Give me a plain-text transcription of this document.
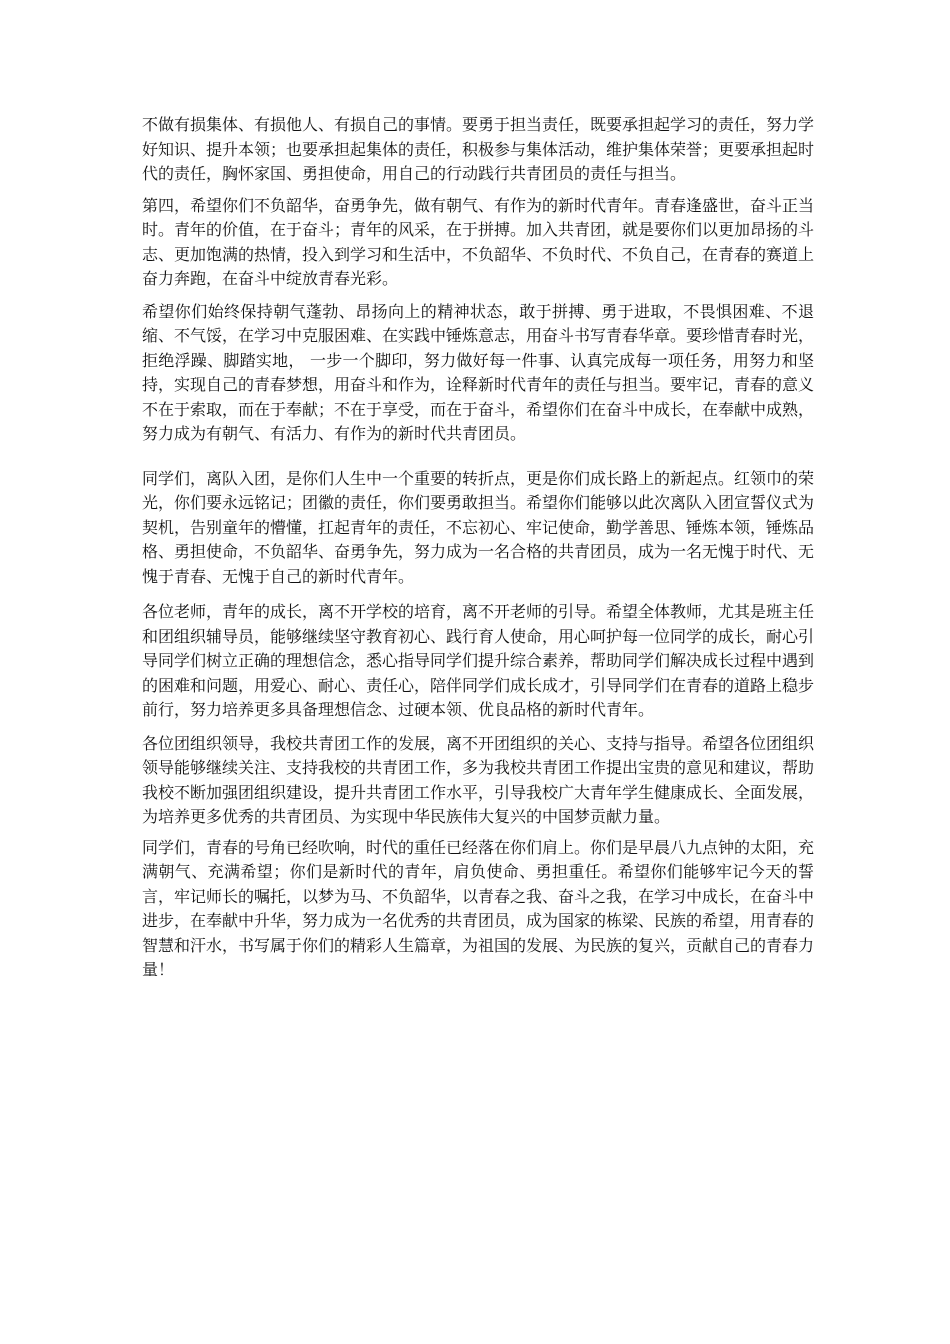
不做有损集体、有损他人、有损自己的事情。要勇于担当责任，既要承担起学习的责任，努力学好知识、提升本领；也要承担起集体的责任，积极参与集体活动，维护集体荣誉；更要承担起时代的责任，胸怀家国、勇担使命，用自己的行动践行共青团员的责任与担当。

第四，希望你们不负韶华，奋勇争先，做有朝气、有作为的新时代青年。青春逢盛世，奋斗正当时。青年的价值，在于奋斗；青年的风采，在于拼搏。加入共青团，就是要你们以更加昂扬的斗志、更加饱满的热情，投入到学习和生活中，不负韶华、不负时代、不负自己，在青春的赛道上奋力奔跑，在奋斗中绽放青春光彩。

希望你们始终保持朝气蓬勃、昂扬向上的精神状态，敢于拼搏、勇于进取，不畏惧困难、不退缩、不气馁，在学习中克服困难、在实践中锤炼意志，用奋斗书写青春华章。要珍惜青春时光，拒绝浮躁、脚踏实地， 一步一个脚印，努力做好每一件事、认真完成每一项任务，用努力和坚持，实现自己的青春梦想，用奋斗和作为，诠释新时代青年的责任与担当。要牢记，青春的意义不在于索取，而在于奉献；不在于享受，而在于奋斗，希望你们在奋斗中成长，在奉献中成熟，努力成为有朝气、有活力、有作为的新时代共青团员。

同学们，离队入团，是你们人生中一个重要的转折点，更是你们成长路上的新起点。红领巾的荣光，你们要永远铭记；团徽的责任，你们要勇敢担当。希望你们能够以此次离队入团宣誓仪式为契机，告别童年的懵懂，扛起青年的责任，不忘初心、牢记使命，勤学善思、锤炼本领，锤炼品格、勇担使命，不负韶华、奋勇争先，努力成为一名合格的共青团员，成为一名无愧于时代、无愧于青春、无愧于自己的新时代青年。

各位老师，青年的成长，离不开学校的培育，离不开老师的引导。希望全体教师，尤其是班主任和团组织辅导员，能够继续坚守教育初心、践行育人使命，用心呵护每一位同学的成长，耐心引导同学们树立正确的理想信念，悉心指导同学们提升综合素养，帮助同学们解决成长过程中遇到的困难和问题，用爱心、耐心、责任心，陪伴同学们成长成才，引导同学们在青春的道路上稳步前行，努力培养更多具备理想信念、过硬本领、优良品格的新时代青年。

各位团组织领导，我校共青团工作的发展，离不开团组织的关心、支持与指导。希望各位团组织领导能够继续关注、支持我校的共青团工作，多为我校共青团工作提出宝贵的意见和建议，帮助我校不断加强团组织建设，提升共青团工作水平，引导我校广大青年学生健康成长、全面发展，为培养更多优秀的共青团员、为实现中华民族伟大复兴的中国梦贡献力量。

同学们，青春的号角已经吹响，时代的重任已经落在你们肩上。你们是早晨八九点钟的太阳，充满朝气、充满希望；你们是新时代的青年，肩负使命、勇担重任。希望你们能够牢记今天的誓言，牢记师长的嘱托，以梦为马、不负韶华，以青春之我、奋斗之我，在学习中成长，在奋斗中进步，在奉献中升华，努力成为一名优秀的共青团员，成为国家的栋梁、民族的希望，用青春的智慧和汗水，书写属于你们的精彩人生篇章，为祖国的发展、为民族的复兴，贡献自己的青春力量！
